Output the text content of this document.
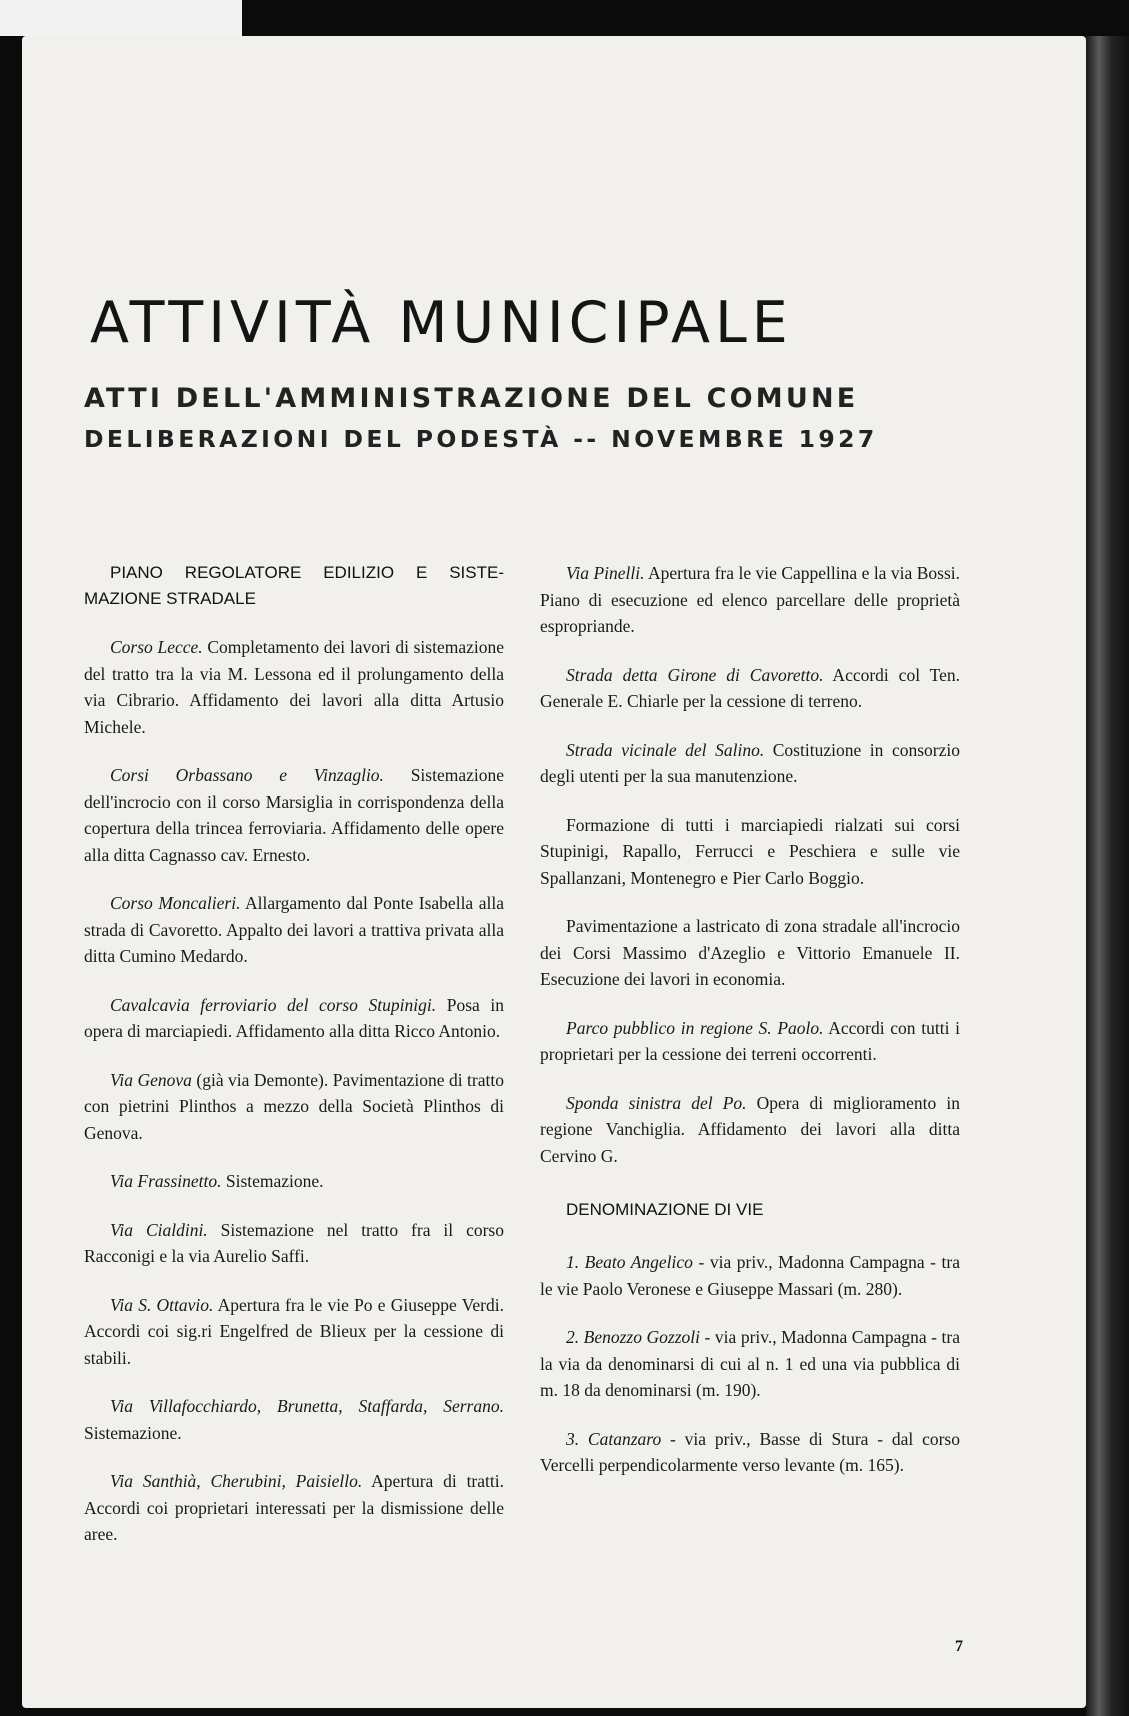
ATTIVITÀ MUNICIPALE
ATTI DELL'AMMINISTRAZIONE DEL COMUNE
DELIBERAZIONI DEL PODESTÀ -- NOVEMBRE 1927
PIANO REGOLATORE EDILIZIO E SISTEMAZIONE STRADALE

Corso Lecce. Completamento dei lavori di sistemazione del tratto tra la via M. Lessona ed il prolungamento della via Cibrario. Affidamento dei lavori alla ditta Artusio Michele.

Corsi Orbassano e Vinzaglio. Sistemazione dell'incrocio con il corso Marsiglia in corrispondenza della copertura della trincea ferroviaria. Affidamento delle opere alla ditta Cagnasso cav. Ernesto.

Corso Moncalieri. Allargamento dal Ponte Isabella alla strada di Cavoretto. Appalto dei lavori a trattiva privata alla ditta Cumino Medardo.

Cavalcavia ferroviario del corso Stupinigi. Posa in opera di marciapiedi. Affidamento alla ditta Ricco Antonio.

Via Genova (già via Demonte). Pavimentazione di tratto con pietrini Plinthos a mezzo della Società Plinthos di Genova.

Via Frassinetto. Sistemazione.

Via Cialdini. Sistemazione nel tratto fra il corso Racconigi e la via Aurelio Saffi.

Via S. Ottavio. Apertura fra le vie Po e Giuseppe Verdi. Accordi coi sig.ri Engelfred de Blieux per la cessione di stabili.

Via Villafocchiardo, Brunetta, Staffarda, Serrano. Sistemazione.

Via Santhià, Cherubini, Paisiello. Apertura di tratti. Accordi coi proprietari interessati per la dismissione delle aree.

Via Pinelli. Apertura fra le vie Cappellina e la via Bossi. Piano di esecuzione ed elenco parcellare delle proprietà espropriande.

Strada detta Girone di Cavoretto. Accordi col Ten. Generale E. Chiarle per la cessione di terreno.

Strada vicinale del Salino. Costituzione in consorzio degli utenti per la sua manutenzione.

Formazione di tutti i marciapiedi rialzati sui corsi Stupinigi, Rapallo, Ferrucci e Peschiera e sulle vie Spallanzani, Montenegro e Pier Carlo Boggio.

Pavimentazione a lastricato di zona stradale all'incrocio dei Corsi Massimo d'Azeglio e Vittorio Emanuele II. Esecuzione dei lavori in economia.

Parco pubblico in regione S. Paolo. Accordi con tutti i proprietari per la cessione dei terreni occorrenti.

Sponda sinistra del Po. Opera di miglioramento in regione Vanchiglia. Affidamento dei lavori alla ditta Cervino G.

DENOMINAZIONE DI VIE

1. Beato Angelico - via priv., Madonna Campagna - tra le vie Paolo Veronese e Giuseppe Massari (m. 280).

2. Benozzo Gozzoli - via priv., Madonna Campagna - tra la via da denominarsi di cui al n. 1 ed una via pubblica di m. 18 da denominarsi (m. 190).

3. Catanzaro - via priv., Basse di Stura - dal corso Vercelli perpendicolarmente verso levante (m. 165).

7
